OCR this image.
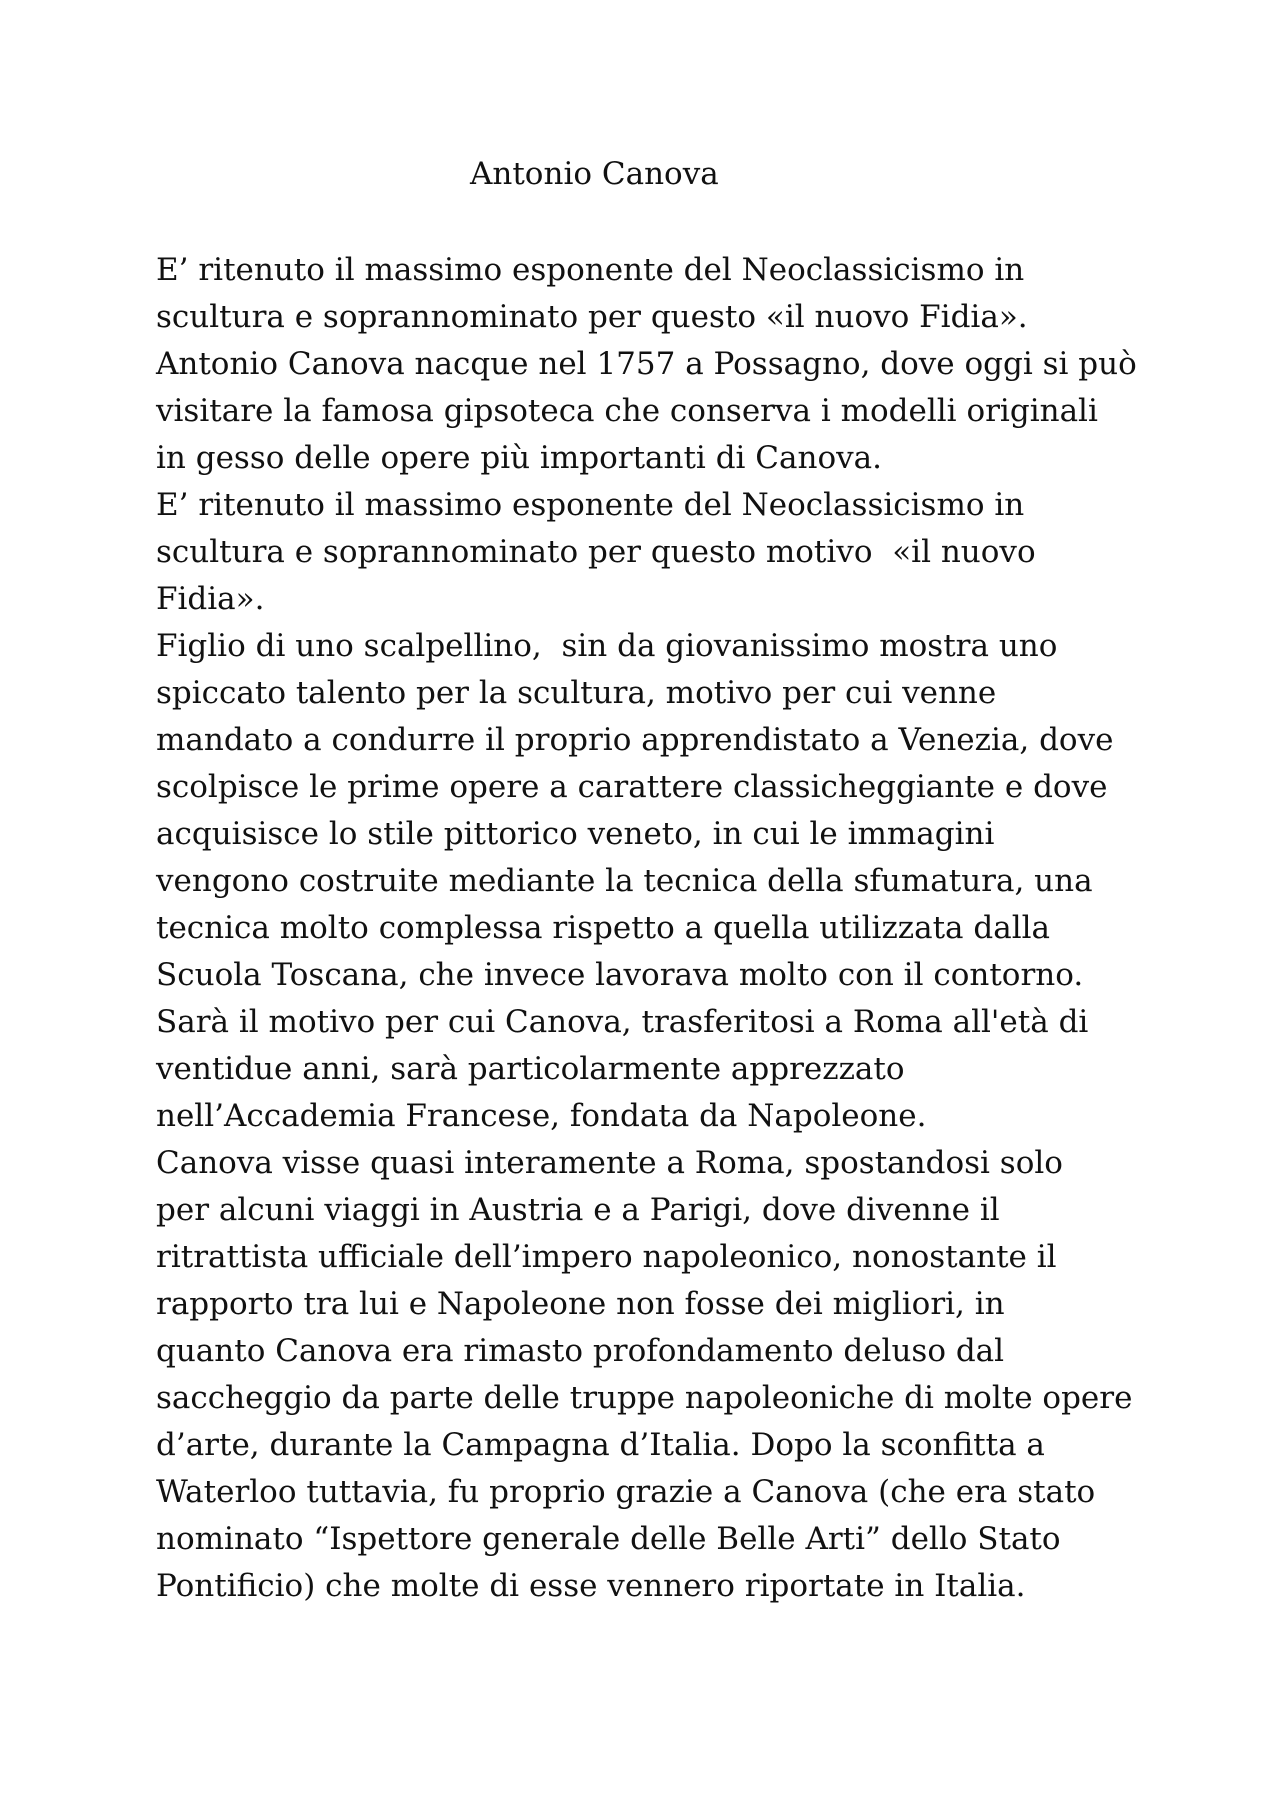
Antonio Canova
E’ ritenuto il massimo esponente del Neoclassicismo in
scultura e soprannominato per questo «il nuovo Fidia».
Antonio Canova nacque nel 1757 a Possagno, dove oggi si può
visitare la famosa gipsoteca che conserva i modelli originali
in gesso delle opere più importanti di Canova.
E’ ritenuto il massimo esponente del Neoclassicismo in
scultura e soprannominato per questo motivo  «il nuovo
Fidia».
Figlio di uno scalpellino,  sin da giovanissimo mostra uno
spiccato talento per la scultura, motivo per cui venne
mandato a condurre il proprio apprendistato a Venezia, dove
scolpisce le prime opere a carattere classicheggiante e dove
acquisisce lo stile pittorico veneto, in cui le immagini
vengono costruite mediante la tecnica della sfumatura, una
tecnica molto complessa rispetto a quella utilizzata dalla
Scuola Toscana, che invece lavorava molto con il contorno.
Sarà il motivo per cui Canova, trasferitosi a Roma all'età di
ventidue anni, sarà particolarmente apprezzato
nell’Accademia Francese, fondata da Napoleone.
Canova visse quasi interamente a Roma, spostandosi solo
per alcuni viaggi in Austria e a Parigi, dove divenne il
ritrattista ufficiale dell’impero napoleonico, nonostante il
rapporto tra lui e Napoleone non fosse dei migliori, in
quanto Canova era rimasto profondamento deluso dal
saccheggio da parte delle truppe napoleoniche di molte opere
d’arte, durante la Campagna d’Italia. Dopo la sconfitta a
Waterloo tuttavia, fu proprio grazie a Canova (che era stato
nominato “Ispettore generale delle Belle Arti” dello Stato
Pontificio) che molte di esse vennero riportate in Italia.
